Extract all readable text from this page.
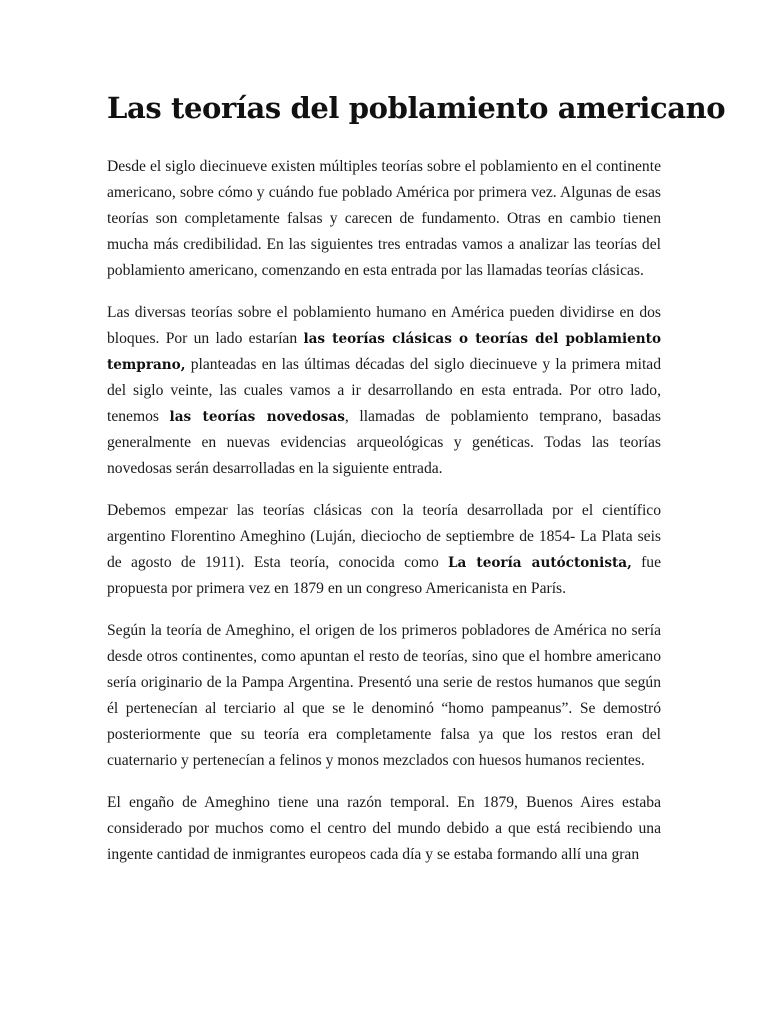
Las teorías del poblamiento americano

Desde el siglo diecinueve existen múltiples teorías sobre el poblamiento en el continente americano, sobre cómo y cuándo fue poblado América por primera vez. Algunas de esas teorías son completamente falsas y carecen de fundamento. Otras en cambio tienen mucha más credibilidad. En las siguientes tres entradas vamos a analizar las teorías del poblamiento americano, comenzando en esta entrada por las llamadas teorías clásicas.

Las diversas teorías sobre el poblamiento humano en América pueden dividirse en dos bloques. Por un lado estarían las teorías clásicas o teorías del poblamiento temprano, planteadas en las últimas décadas del siglo diecinueve y la primera mitad del siglo veinte, las cuales vamos a ir desarrollando en esta entrada. Por otro lado, tenemos las teorías novedosas, llamadas de poblamiento temprano, basadas generalmente en nuevas evidencias arqueológicas y genéticas. Todas las teorías novedosas serán desarrolladas en la siguiente entrada.

Debemos empezar las teorías clásicas con la teoría desarrollada por el científico argentino Florentino Ameghino (Luján, dieciocho de septiembre de 1854- La Plata seis de agosto de 1911). Esta teoría, conocida como La teoría autóctonista, fue propuesta por primera vez en 1879 en un congreso Americanista en París.

Según la teoría de Ameghino, el origen de los primeros pobladores de América no sería desde otros continentes, como apuntan el resto de teorías, sino que el hombre americano sería originario de la Pampa Argentina. Presentó una serie de restos humanos que según él pertenecían al terciario al que se le denominó “homo pampeanus”. Se demostró posteriormente que su teoría era completamente falsa ya que los restos eran del cuaternario y pertenecían a felinos y monos mezclados con huesos humanos recientes.

El engaño de Ameghino tiene una razón temporal. En 1879, Buenos Aires estaba considerado por muchos como el centro del mundo debido a que está recibiendo una ingente cantidad de inmigrantes europeos cada día y se estaba formando allí una gran
